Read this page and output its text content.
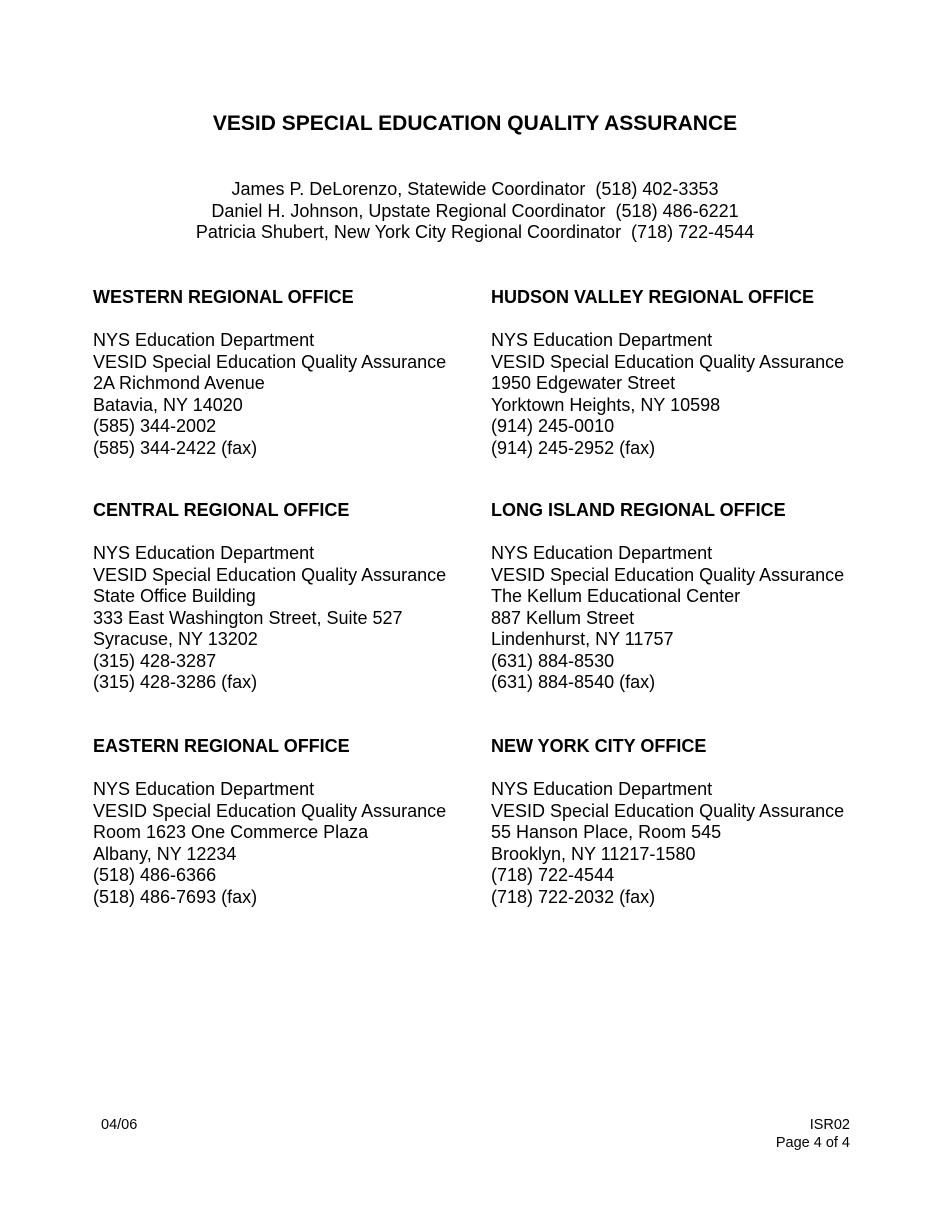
VESID SPECIAL EDUCATION QUALITY ASSURANCE
James P. DeLorenzo, Statewide Coordinator  (518) 402-3353
Daniel H. Johnson, Upstate Regional Coordinator  (518) 486-6221
Patricia Shubert, New York City Regional Coordinator  (718) 722-4544
WESTERN REGIONAL OFFICE
NYS Education Department
VESID Special Education Quality Assurance
2A Richmond Avenue
Batavia, NY 14020
(585) 344-2002
(585) 344-2422 (fax)
HUDSON VALLEY REGIONAL OFFICE
NYS Education Department
VESID Special Education Quality Assurance
1950 Edgewater Street
Yorktown Heights, NY 10598
(914) 245-0010
(914) 245-2952 (fax)
CENTRAL REGIONAL OFFICE
NYS Education Department
VESID Special Education Quality Assurance
State Office Building
333 East Washington Street, Suite 527
Syracuse, NY 13202
(315) 428-3287
(315) 428-3286 (fax)
LONG ISLAND REGIONAL OFFICE
NYS Education Department
VESID Special Education Quality Assurance
The Kellum Educational Center
887 Kellum Street
Lindenhurst, NY 11757
(631) 884-8530
(631) 884-8540 (fax)
EASTERN REGIONAL OFFICE
NYS Education Department
VESID Special Education Quality Assurance
Room 1623 One Commerce Plaza
Albany, NY 12234
(518) 486-6366
(518) 486-7693 (fax)
NEW YORK CITY OFFICE
NYS Education Department
VESID Special Education Quality Assurance
55 Hanson Place, Room 545
Brooklyn, NY 11217-1580
(718) 722-4544
(718) 722-2032 (fax)
04/06	ISR02
Page 4 of 4
